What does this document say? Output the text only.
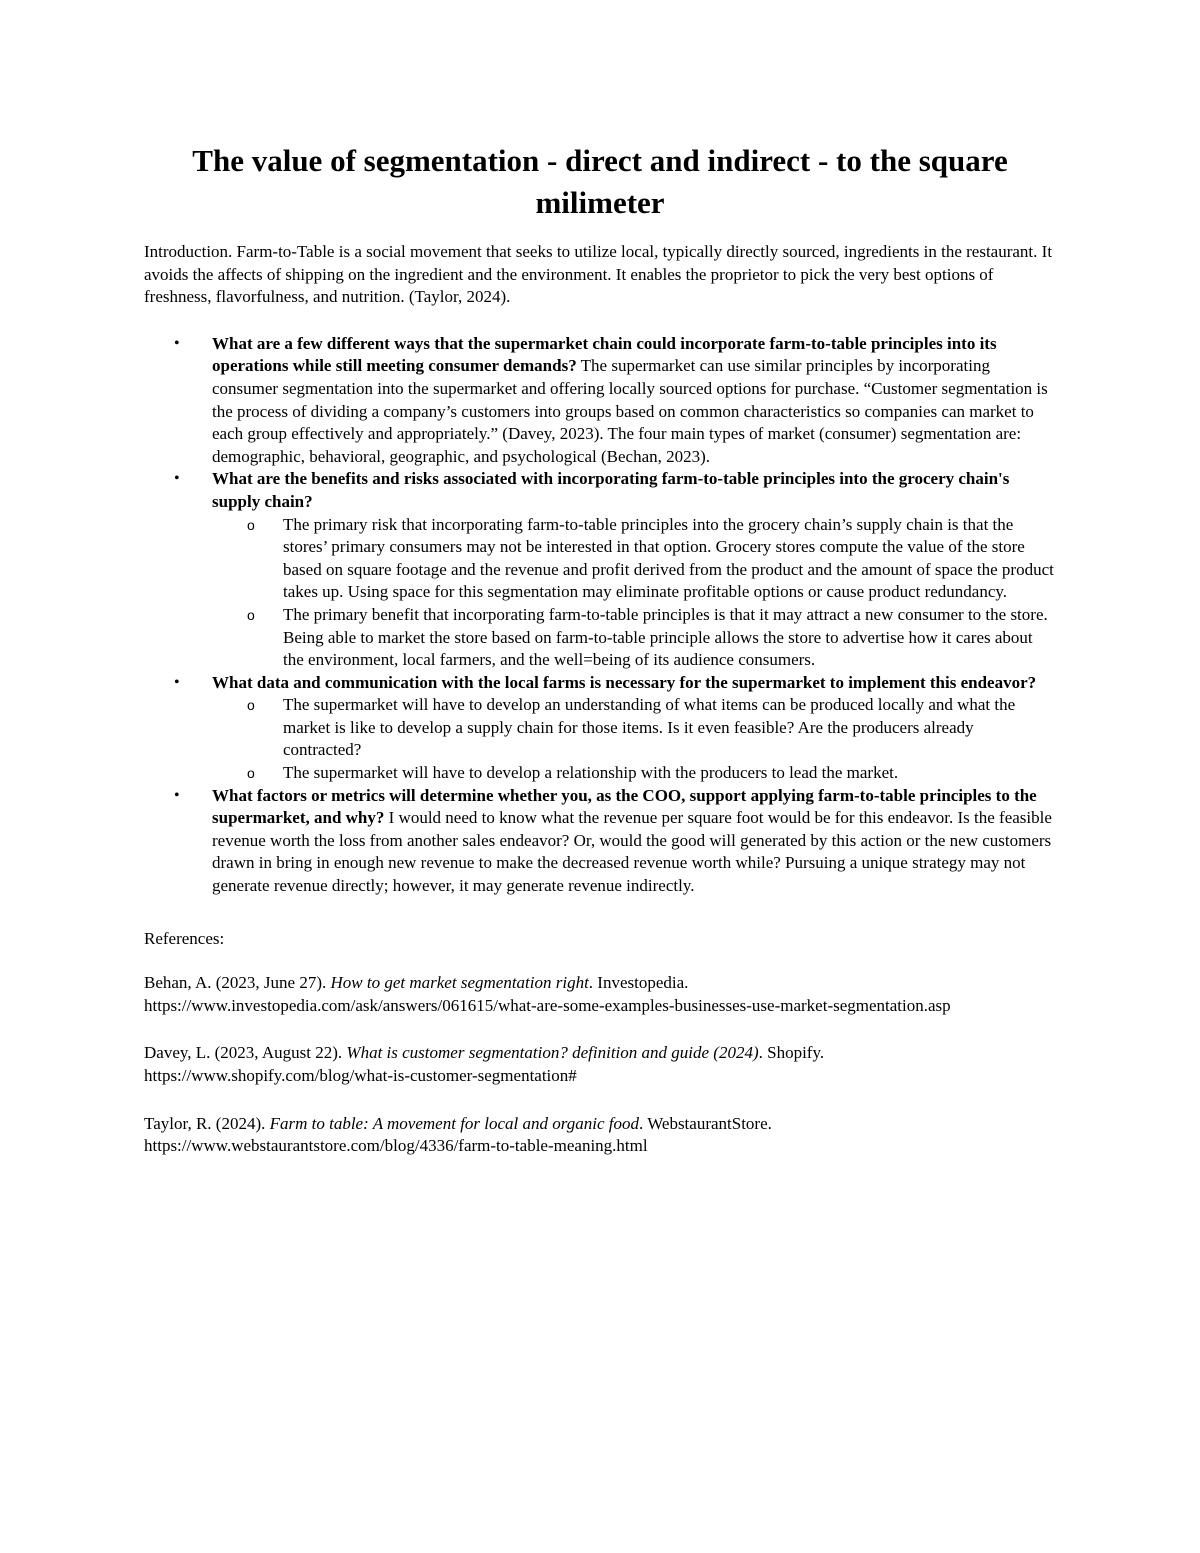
The value of segmentation - direct and indirect - to the square milimeter

Introduction. Farm-to-Table is a social movement that seeks to utilize local, typically directly sourced, ingredients in the restaurant. It avoids the affects of shipping on the ingredient and the environment. It enables the proprietor to pick the very best options of freshness, flavorfulness, and nutrition. (Taylor, 2024).

• What are a few different ways that the supermarket chain could incorporate farm-to-table principles into its operations while still meeting consumer demands? The supermarket can use similar principles by incorporating consumer segmentation into the supermarket and offering locally sourced options for purchase. “Customer segmentation is the process of dividing a company’s customers into groups based on common characteristics so companies can market to each group effectively and appropriately.” (Davey, 2023). The four main types of market (consumer) segmentation are: demographic, behavioral, geographic, and psychological (Bechan, 2023).
• What are the benefits and risks associated with incorporating farm-to-table principles into the grocery chain's supply chain?
o The primary risk that incorporating farm-to-table principles into the grocery chain’s supply chain is that the stores’ primary consumers may not be interested in that option. Grocery stores compute the value of the store based on square footage and the revenue and profit derived from the product and the amount of space the product takes up. Using space for this segmentation may eliminate profitable options or cause product redundancy.
o The primary benefit that incorporating farm-to-table principles is that it may attract a new consumer to the store. Being able to market the store based on farm-to-table principle allows the store to advertise how it cares about the environment, local farmers, and the well=being of its audience consumers.
• What data and communication with the local farms is necessary for the supermarket to implement this endeavor?
o The supermarket will have to develop an understanding of what items can be produced locally and what the market is like to develop a supply chain for those items. Is it even feasible? Are the producers already contracted?
o The supermarket will have to develop a relationship with the producers to lead the market.
• What factors or metrics will determine whether you, as the COO, support applying farm-to-table principles to the supermarket, and why? I would need to know what the revenue per square foot would be for this endeavor. Is the feasible revenue worth the loss from another sales endeavor? Or, would the good will generated by this action or the new customers drawn in bring in enough new revenue to make the decreased revenue worth while? Pursuing a unique strategy may not generate revenue directly; however, it may generate revenue indirectly.

References:

Behan, A. (2023, June 27). How to get market segmentation right. Investopedia.
https://www.investopedia.com/ask/answers/061615/what-are-some-examples-businesses-use-market-segmentation.asp

Davey, L. (2023, August 22). What is customer segmentation? definition and guide (2024). Shopify.
https://www.shopify.com/blog/what-is-customer-segmentation#

Taylor, R. (2024). Farm to table: A movement for local and organic food. WebstaurantStore.
https://www.webstaurantstore.com/blog/4336/farm-to-table-meaning.html
